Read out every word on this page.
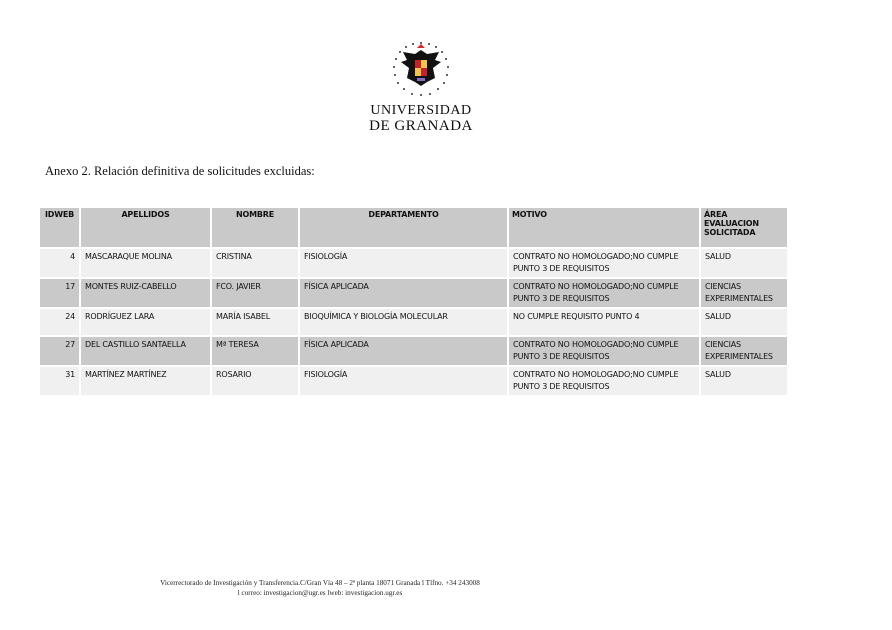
UNIVERSIDAD
DE GRANADA
Anexo 2. Relación definitiva de solicitudes excluidas:
IDWEB	APELLIDOS	NOMBRE	DEPARTAMENTO	MOTIVO	ÁREA EVALUACION SOLICITADA
4	MASCARAQUE MOLINA	CRISTINA	FISIOLOGÍA	CONTRATO NO HOMOLOGADO;NO CUMPLE PUNTO 3 DE REQUISITOS	SALUD
17	MONTES RUIZ-CABELLO	FCO. JAVIER	FÍSICA APLICADA	CONTRATO NO HOMOLOGADO;NO CUMPLE PUNTO 3 DE REQUISITOS	CIENCIAS EXPERIMENTALES
24	RODRÍGUEZ LARA	MARÍA ISABEL	BIOQUÍMICA Y BIOLOGÍA MOLECULAR	NO CUMPLE REQUISITO PUNTO 4	SALUD
27	DEL CASTILLO SANTAELLA	Mª TERESA	FÍSICA APLICADA	CONTRATO NO HOMOLOGADO;NO CUMPLE PUNTO 3 DE REQUISITOS	CIENCIAS EXPERIMENTALES
31	MARTÍNEZ MARTÍNEZ	ROSARIO	FISIOLOGÍA	CONTRATO NO HOMOLOGADO;NO CUMPLE PUNTO 3 DE REQUISITOS	SALUD
Vicerrectorado de Investigación y Transferencia.C/Gran Vía 48 – 2ª planta 18071 Granada l Tlfno. +34 243008
l correo: investigacion@ugr.es lweb: investigacion.ugr.es
